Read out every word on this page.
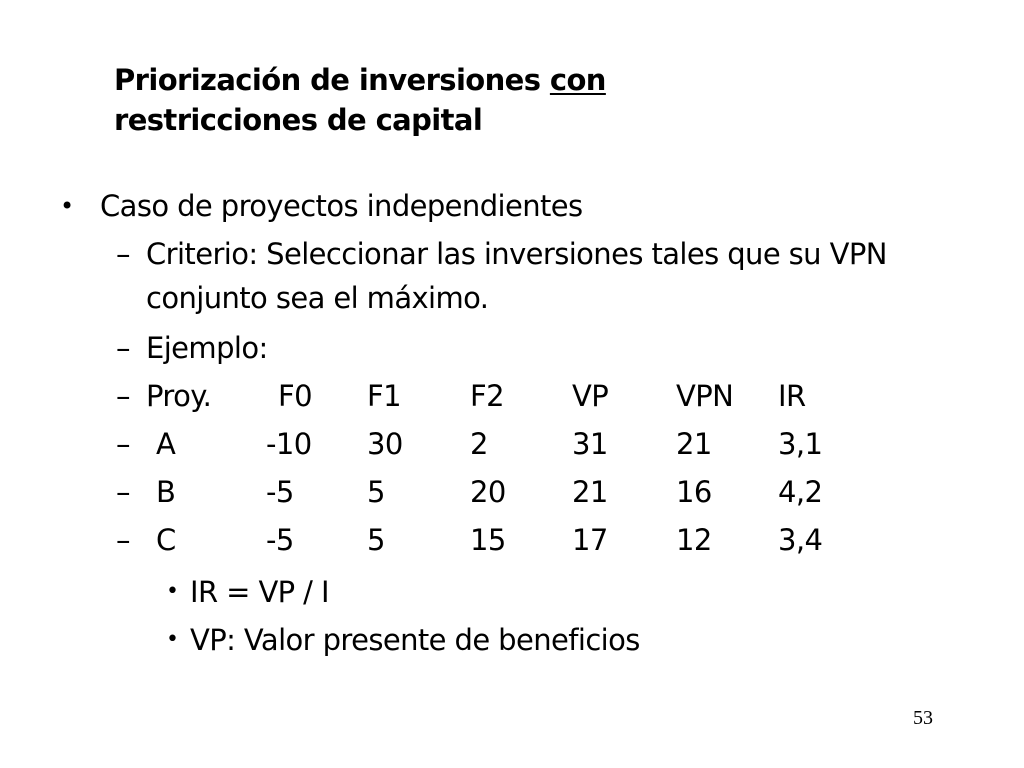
Priorización de inversiones con
restricciones de capital
• Caso de proyectos independientes
– Criterio: Seleccionar las inversiones tales que su VPN
conjunto sea el máximo.
– Ejemplo:
– Proy. F0 F1 F2 VP VPN IR
– A	-10 30 2	31 21 3,1
– B	-5	5	20 21 16 4,2
– C	-5	5	15 17 12 3,4
• IR = VP / I
• VP: Valor presente de beneficios
53
